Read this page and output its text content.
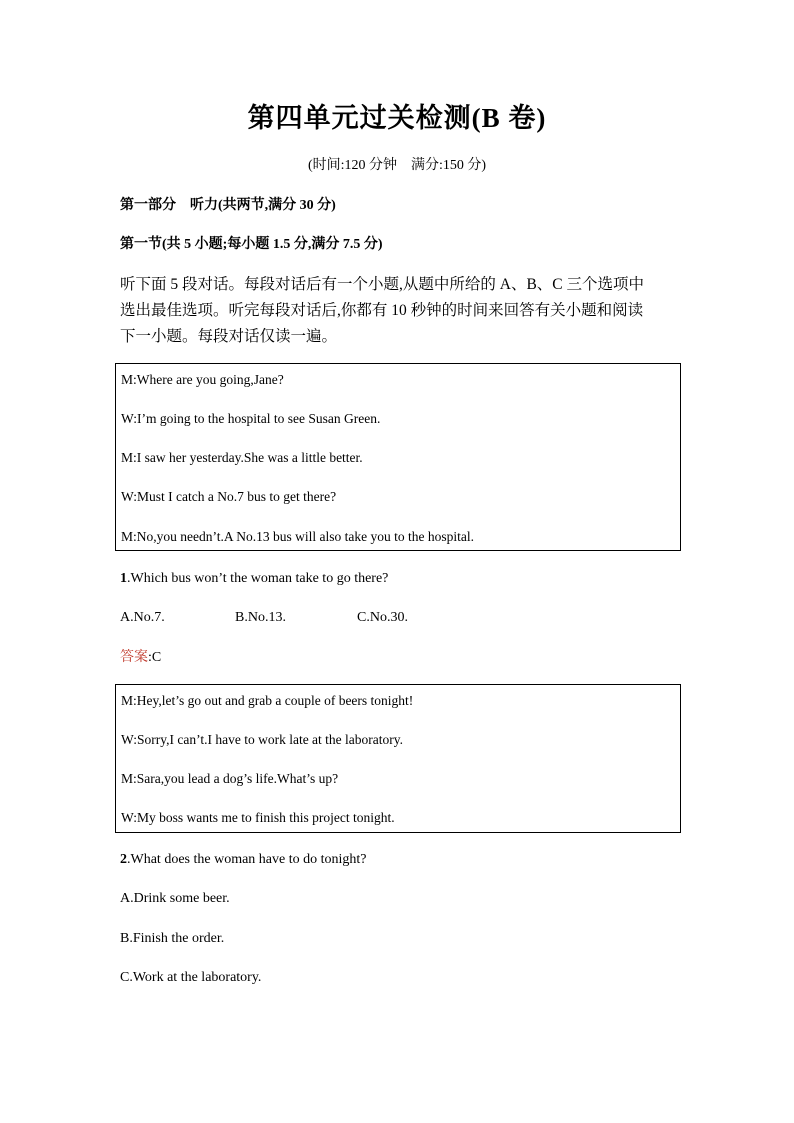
第四单元过关检测(B 卷)
(时间:120 分钟　满分:150 分)
第一部分　听力(共两节,满分 30 分)
第一节(共 5 小题;每小题 1.5 分,满分 7.5 分)
听下面 5 段对话。每段对话后有一个小题,从题中所给的 A、B、C 三个选项中
选出最佳选项。听完每段对话后,你都有 10 秒钟的时间来回答有关小题和阅读
下一小题。每段对话仅读一遍。
M:Where are you going,Jane?
W:I’m going to the hospital to see Susan Green.
M:I saw her yesterday.She was a little better.
W:Must I catch a No.7 bus to get there?
M:No,you needn’t.A No.13 bus will also take you to the hospital.
1.Which bus won’t the woman take to go there?
A.No.7.	B.No.13.	C.No.30.
答案:C
M:Hey,let’s go out and grab a couple of beers tonight!
W:Sorry,I can’t.I have to work late at the laboratory.
M:Sara,you lead a dog’s life.What’s up?
W:My boss wants me to finish this project tonight.
2.What does the woman have to do tonight?
A.Drink some beer.
B.Finish the order.
C.Work at the laboratory.
